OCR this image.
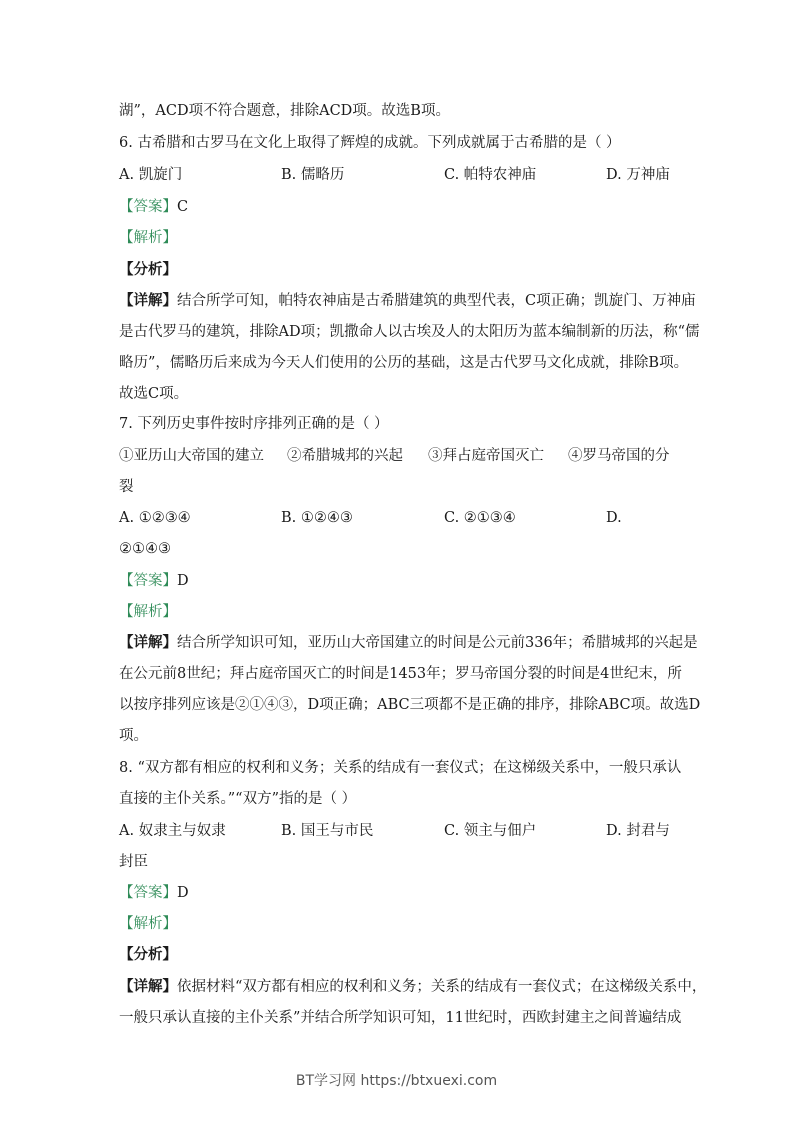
湖”，ACD项不符合题意，排除ACD项。故选B项。
6. 古希腊和古罗马在文化上取得了辉煌的成就。下列成就属于古希腊的是（ ）
A. 凯旋门	B. 儒略历	C. 帕特农神庙	D. 万神庙
【答案】C
【解析】
【分析】
【详解】结合所学可知，帕特农神庙是古希腊建筑的典型代表，C项正确；凯旋门、万神庙
是古代罗马的建筑，排除AD项；凯撒命人以古埃及人的太阳历为蓝本编制新的历法，称“儒
略历”，儒略历后来成为今天人们使用的公历的基础，这是古代罗马文化成就，排除B项。
故选C项。
7. 下列历史事件按时序排列正确的是（ ）
①亚历山大帝国的建立 ②希腊城邦的兴起 ③拜占庭帝国灭亡 ④罗马帝国的分
裂
A. ①②③④	B. ①②④③	C. ②①③④	D.
②①④③
【答案】D
【解析】
【详解】结合所学知识可知，亚历山大帝国建立的时间是公元前336年；希腊城邦的兴起是
在公元前8世纪；拜占庭帝国灭亡的时间是1453年；罗马帝国分裂的时间是4世纪末，所
以按序排列应该是②①④③，D项正确；ABC三项都不是正确的排序，排除ABC项。故选D
项。
8. “双方都有相应的权利和义务；关系的结成有一套仪式；在这梯级关系中，一般只承认
直接的主仆关系。”“双方”指的是（ ）
A. 奴隶主与奴隶	B. 国王与市民	C. 领主与佃户	D. 封君与
封臣
【答案】D
【解析】
【分析】
【详解】依据材料“双方都有相应的权利和义务；关系的结成有一套仪式；在这梯级关系中，
一般只承认直接的主仆关系”并结合所学知识可知，11世纪时，西欧封建主之间普遍结成
BT学习网 https://btxuexi.com
